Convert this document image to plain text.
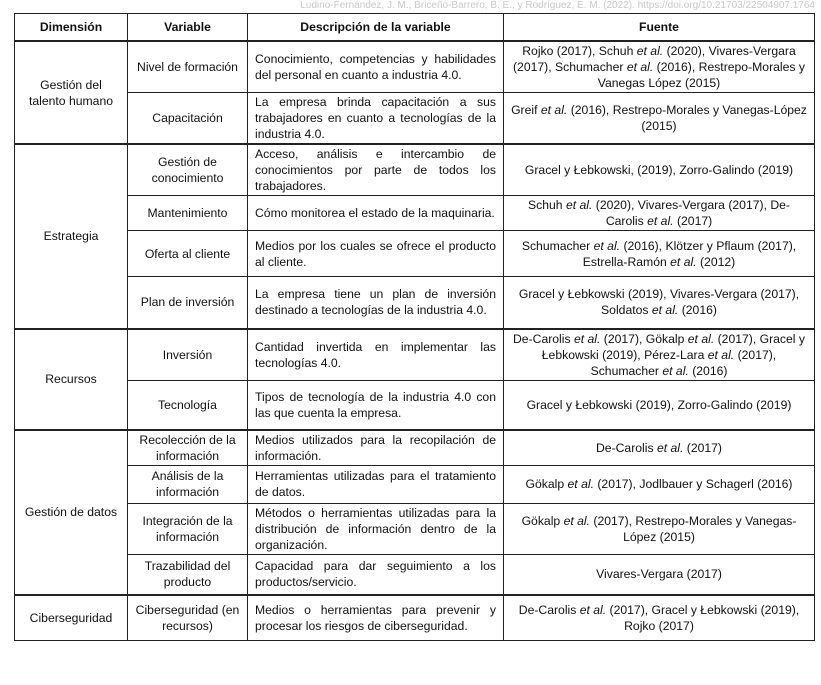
Ludino-Fernández, J. M., Briceño-Barrero, B. E., y Rodríguez, E. M. (2022). https://doi.org/10.21703/22504907.1764
Dimensión	Variable	Descripción de la variable	Fuente
Gestión del talento humano	Nivel de formación	Conocimiento, competencias y habilidades del personal en cuanto a industria 4.0.	Rojko (2017), Schuh et al. (2020), Vivares-Vergara (2017), Schumacher et al. (2016), Restrepo-Morales y Vanegas López (2015)
	Capacitación	La empresa brinda capacitación a sus trabajadores en cuanto a tecnologías de la industria 4.0.	Greif et al. (2016), Restrepo-Morales y Vanegas-López (2015)
Estrategia	Gestión de conocimiento	Acceso, análisis e intercambio de conocimientos por parte de todos los trabajadores.	Gracel y Łebkowski, (2019), Zorro-Galindo (2019)
	Mantenimiento	Cómo monitorea el estado de la maquinaria.	Schuh et al. (2020), Vivares-Vergara (2017), De-Carolis et al. (2017)
	Oferta al cliente	Medios por los cuales se ofrece el producto al cliente.	Schumacher et al. (2016), Klötzer y Pflaum (2017), Estrella-Ramón et al. (2012)
	Plan de inversión	La empresa tiene un plan de inversión destinado a tecnologías de la industria 4.0.	Gracel y Łebkowski (2019), Vivares-Vergara (2017), Soldatos et al. (2016)
Recursos	Inversión	Cantidad invertida en implementar las tecnologías 4.0.	De-Carolis et al. (2017), Gökalp et al. (2017), Gracel y Łebkowski (2019), Pérez-Lara et al. (2017), Schumacher et al. (2016)
	Tecnología	Tipos de tecnología de la industria 4.0 con las que cuenta la empresa.	Gracel y Łebkowski (2019), Zorro-Galindo (2019)
Gestión de datos	Recolección de la información	Medios utilizados para la recopilación de información.	De-Carolis et al. (2017)
	Análisis de la información	Herramientas utilizadas para el tratamiento de datos.	Gökalp et al. (2017), Jodlbauer y Schagerl (2016)
	Integración de la información	Métodos o herramientas utilizadas para la distribución de información dentro de la organización.	Gökalp et al. (2017), Restrepo-Morales y Vanegas-López (2015)
	Trazabilidad del producto	Capacidad para dar seguimiento a los productos/servicio.	Vivares-Vergara (2017)
Ciberseguridad	Ciberseguridad (en recursos)	Medios o herramientas para prevenir y procesar los riesgos de ciberseguridad.	De-Carolis et al. (2017), Gracel y Łebkowski (2019), Rojko (2017)
